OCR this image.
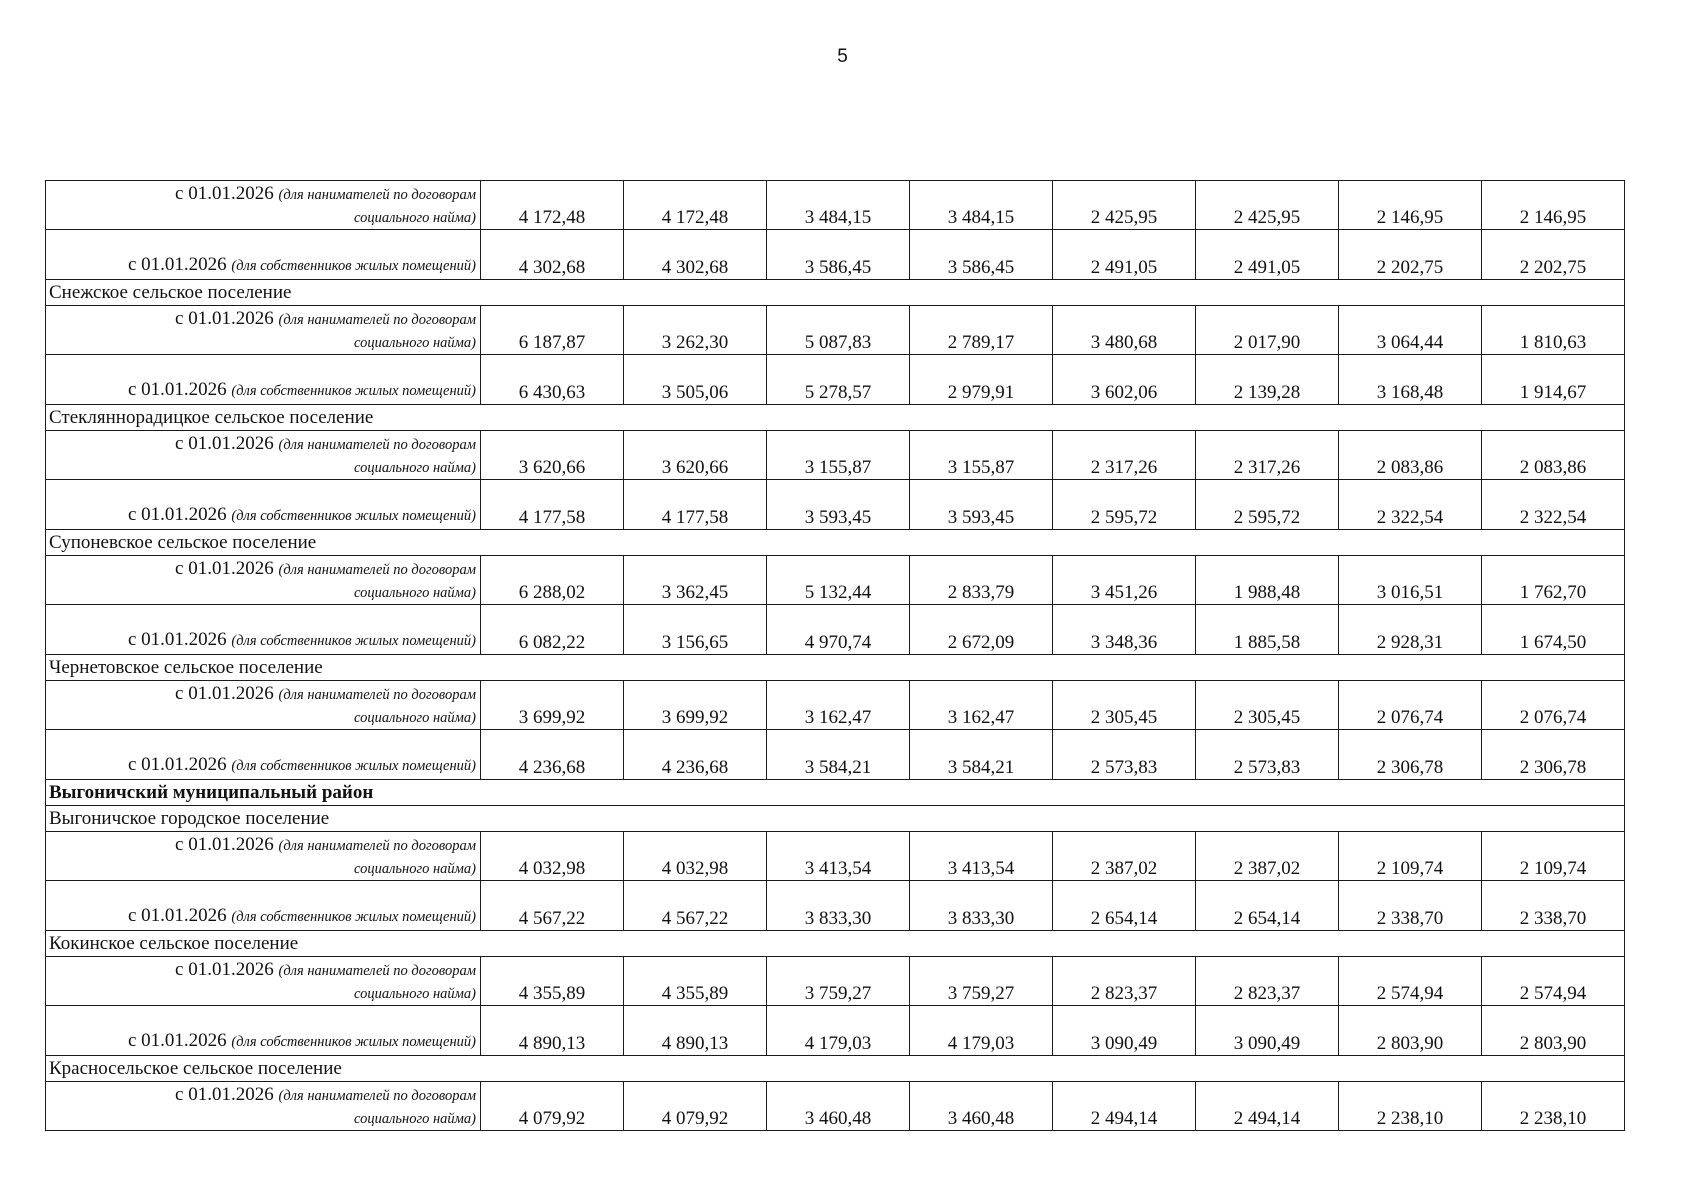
5
с 01.01.2026 (для нанимателей по договорам
социального найма)	4 172,48	4 172,48	3 484,15	3 484,15	2 425,95	2 425,95	2 146,95	2 146,95
с 01.01.2026 (для собственников жилых помещений)	4 302,68	4 302,68	3 586,45	3 586,45	2 491,05	2 491,05	2 202,75	2 202,75
Снежское сельское поселение								
с 01.01.2026 (для нанимателей по договорам
социального найма)	6 187,87	3 262,30	5 087,83	2 789,17	3 480,68	2 017,90	3 064,44	1 810,63
с 01.01.2026 (для собственников жилых помещений)	6 430,63	3 505,06	5 278,57	2 979,91	3 602,06	2 139,28	3 168,48	1 914,67
Стекляннорадицкое сельское поселение								
с 01.01.2026 (для нанимателей по договорам
социального найма)	3 620,66	3 620,66	3 155,87	3 155,87	2 317,26	2 317,26	2 083,86	2 083,86
с 01.01.2026 (для собственников жилых помещений)	4 177,58	4 177,58	3 593,45	3 593,45	2 595,72	2 595,72	2 322,54	2 322,54
Супоневское сельское поселение								
с 01.01.2026 (для нанимателей по договорам
социального найма)	6 288,02	3 362,45	5 132,44	2 833,79	3 451,26	1 988,48	3 016,51	1 762,70
с 01.01.2026 (для собственников жилых помещений)	6 082,22	3 156,65	4 970,74	2 672,09	3 348,36	1 885,58	2 928,31	1 674,50
Чернетовское сельское поселение								
с 01.01.2026 (для нанимателей по договорам
социального найма)	3 699,92	3 699,92	3 162,47	3 162,47	2 305,45	2 305,45	2 076,74	2 076,74
с 01.01.2026 (для собственников жилых помещений)	4 236,68	4 236,68	3 584,21	3 584,21	2 573,83	2 573,83	2 306,78	2 306,78
Выгоничский муниципальный район								
Выгоничское городское поселение								
с 01.01.2026 (для нанимателей по договорам
социального найма)	4 032,98	4 032,98	3 413,54	3 413,54	2 387,02	2 387,02	2 109,74	2 109,74
с 01.01.2026 (для собственников жилых помещений)	4 567,22	4 567,22	3 833,30	3 833,30	2 654,14	2 654,14	2 338,70	2 338,70
Кокинское сельское поселение								
с 01.01.2026 (для нанимателей по договорам
социального найма)	4 355,89	4 355,89	3 759,27	3 759,27	2 823,37	2 823,37	2 574,94	2 574,94
с 01.01.2026 (для собственников жилых помещений)	4 890,13	4 890,13	4 179,03	4 179,03	3 090,49	3 090,49	2 803,90	2 803,90
Красносельское сельское поселение								
с 01.01.2026 (для нанимателей по договорам
социального найма)	4 079,92	4 079,92	3 460,48	3 460,48	2 494,14	2 494,14	2 238,10	2 238,10
